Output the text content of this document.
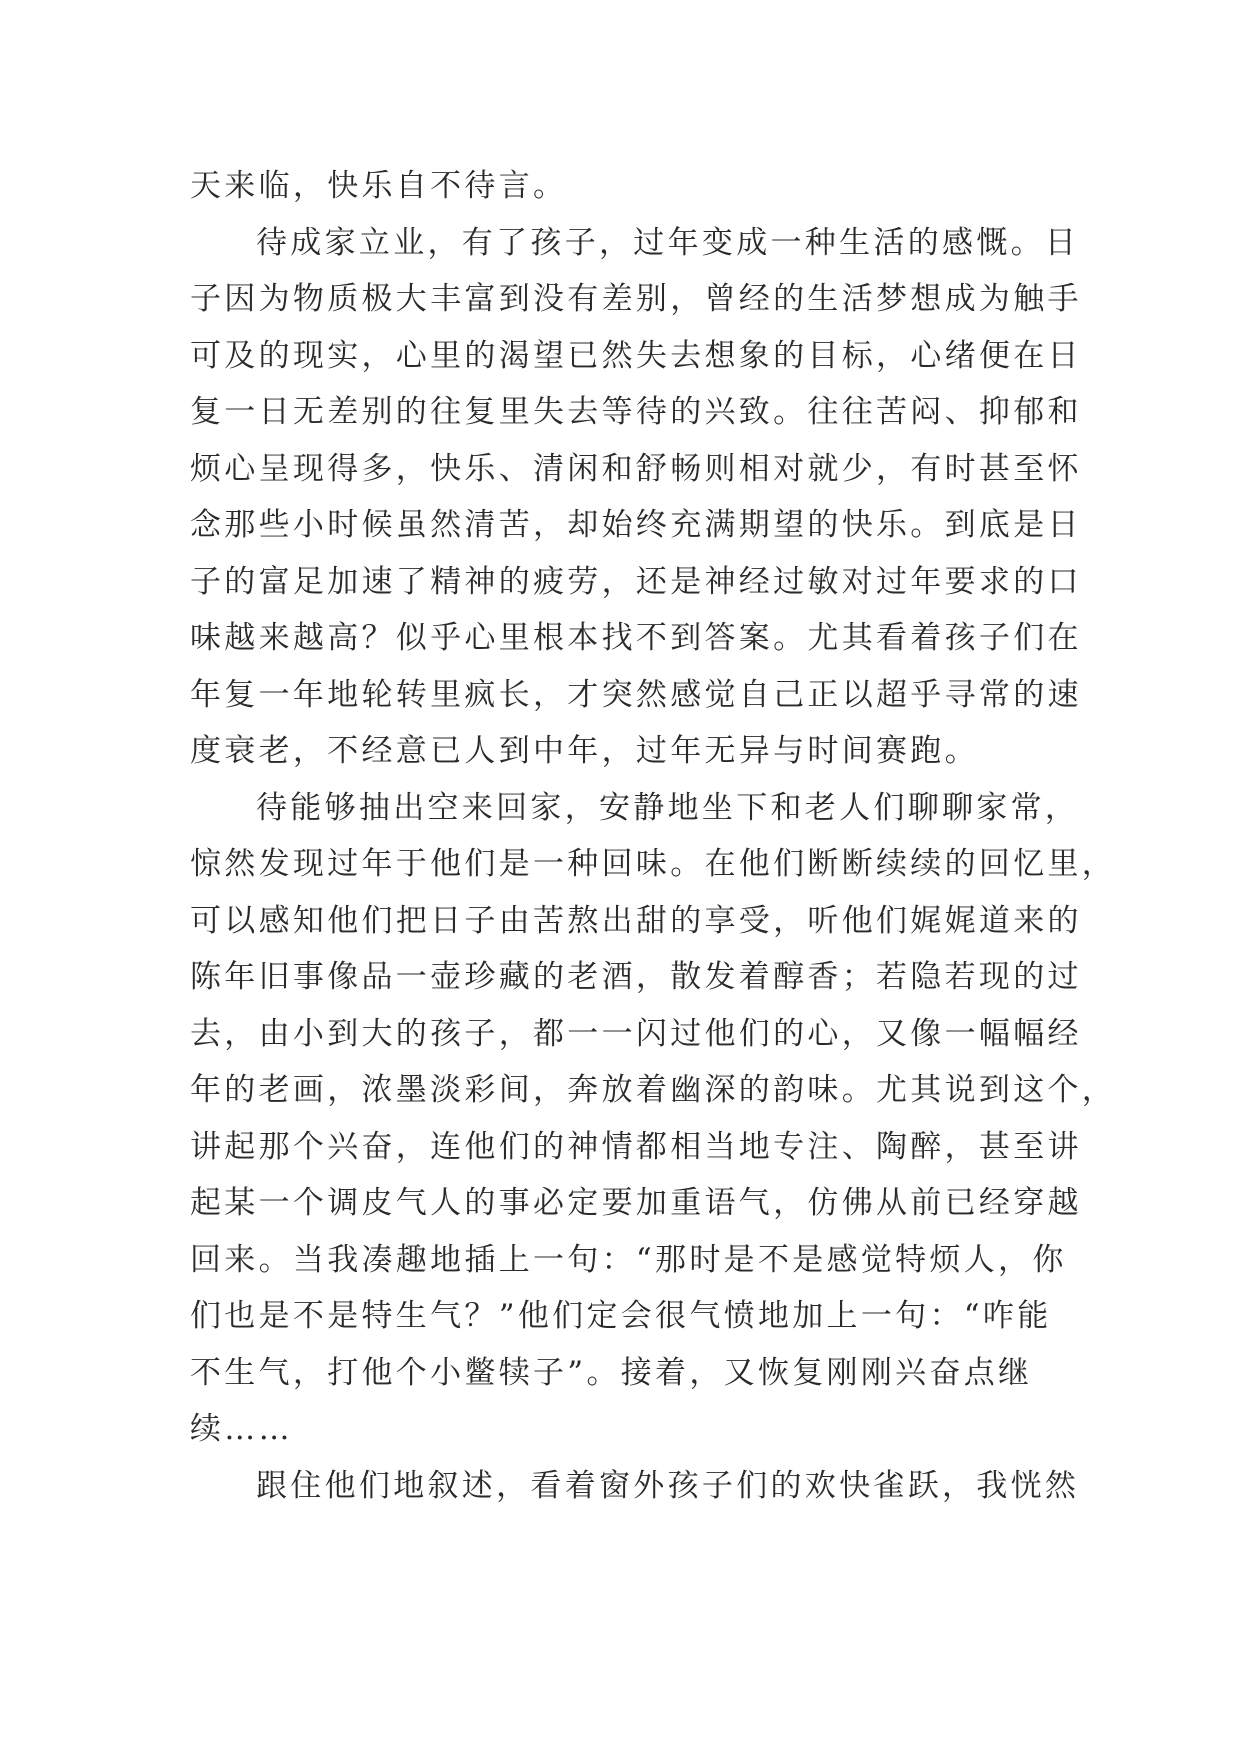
天来临，快乐自不待言。
待成家立业，有了孩子，过年变成一种生活的感慨。日
子因为物质极大丰富到没有差别，曾经的生活梦想成为触手
可及的现实，心里的渴望已然失去想象的目标，心绪便在日
复一日无差别的往复里失去等待的兴致。往往苦闷、抑郁和
烦心呈现得多，快乐、清闲和舒畅则相对就少，有时甚至怀
念那些小时候虽然清苦，却始终充满期望的快乐。到底是日
子的富足加速了精神的疲劳，还是神经过敏对过年要求的口
味越来越高？似乎心里根本找不到答案。尤其看着孩子们在
年复一年地轮转里疯长，才突然感觉自己正以超乎寻常的速
度衰老，不经意已人到中年，过年无异与时间赛跑。
待能够抽出空来回家，安静地坐下和老人们聊聊家常，
惊然发现过年于他们是一种回味。在他们断断续续的回忆里，
可以感知他们把日子由苦熬出甜的享受，听他们娓娓道来的
陈年旧事像品一壶珍藏的老酒，散发着醇香；若隐若现的过
去，由小到大的孩子，都一一闪过他们的心，又像一幅幅经
年的老画，浓墨淡彩间，奔放着幽深的韵味。尤其说到这个，
讲起那个兴奋，连他们的神情都相当地专注、陶醉，甚至讲
起某一个调皮气人的事必定要加重语气，仿佛从前已经穿越
回来。当我凑趣地插上一句：“那时是不是感觉特烦人，你
们也是不是特生气？”他们定会很气愤地加上一句：“咋能
不生气，打他个小鳖犊子”。接着，又恢复刚刚兴奋点继
续……
跟住他们地叙述，看着窗外孩子们的欢快雀跃，我恍然
